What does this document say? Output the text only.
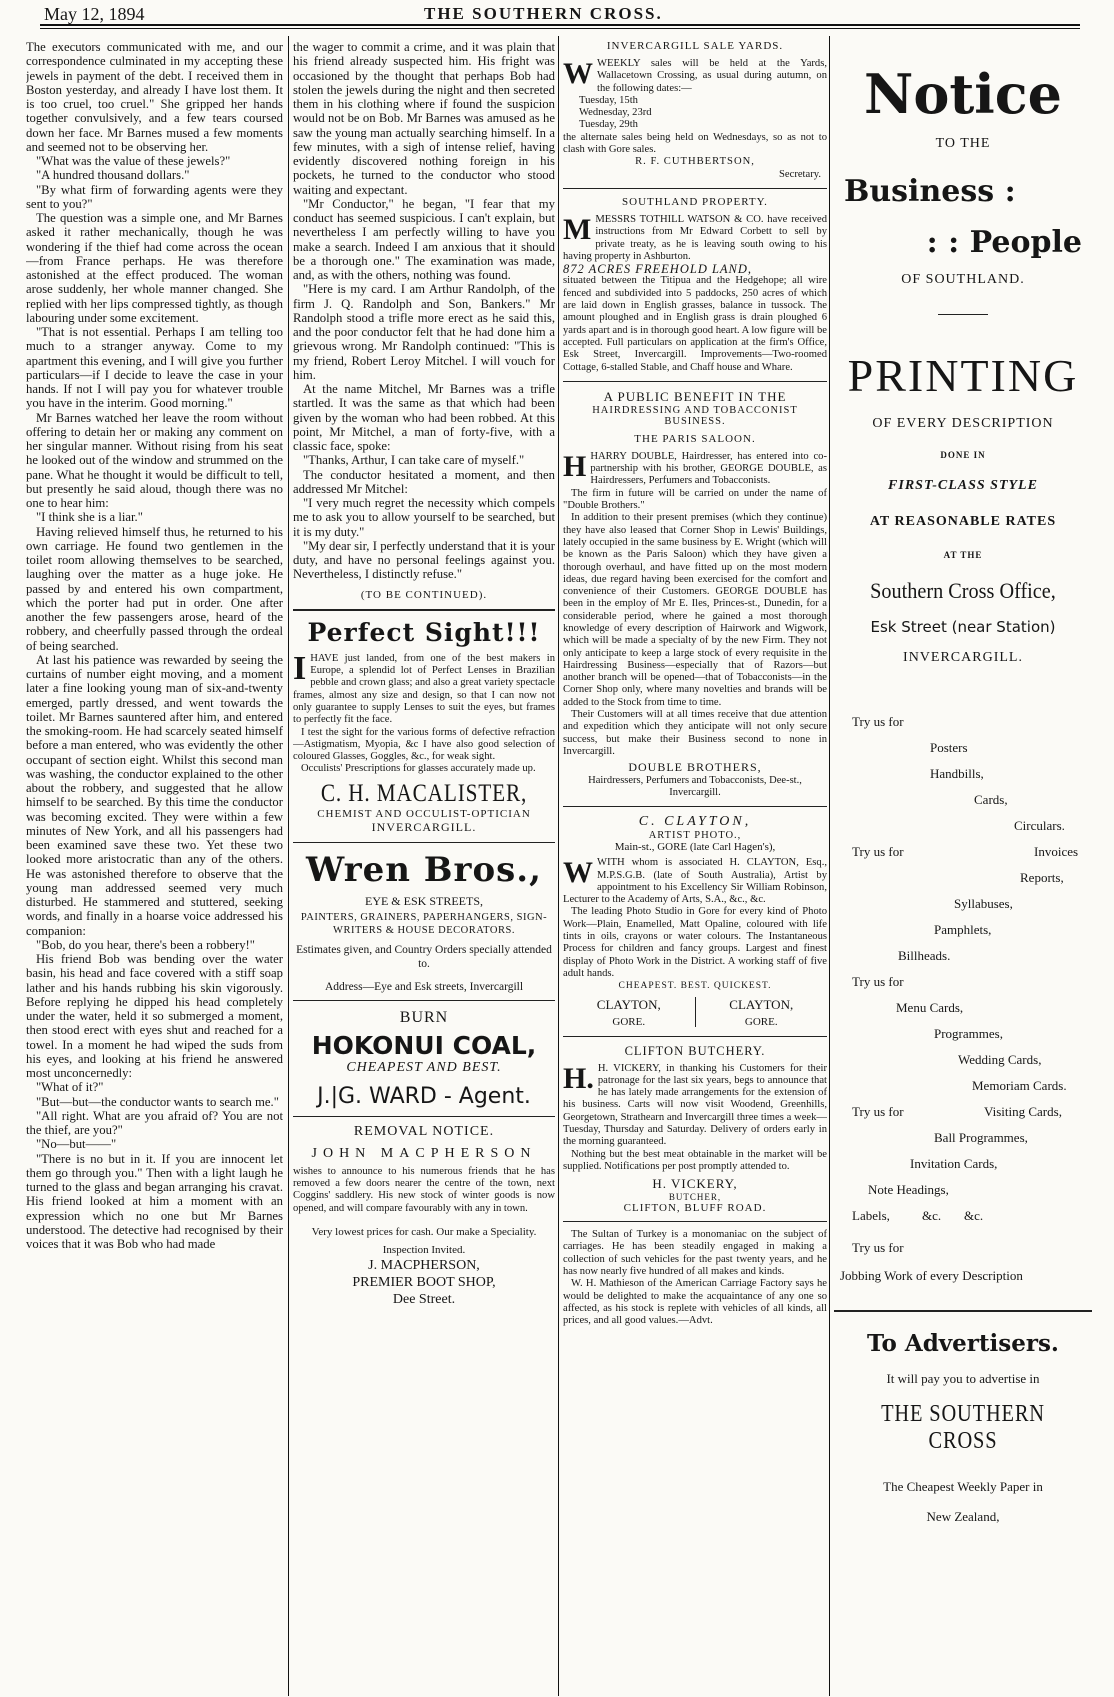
May 12, 1894	THE SOUTHERN CROSS.

The executors communicated with me, and our correspondence culminated in my accepting these jewels in payment of the debt. I received them in Boston yesterday, and already I have lost them. It is too cruel, too cruel." She gripped her hands together convulsively, and a few tears coursed down her face. Mr Barnes mused a few moments and seemed not to be observing her.

"What was the value of these jewels?"

"A hundred thousand dollars."

"By what firm of forwarding agents were they sent to you?"

The question was a simple one, and Mr Barnes asked it rather mechanically, though he was wondering if the thief had come across the ocean—from France perhaps. He was therefore astonished at the effect produced. The woman arose suddenly, her whole manner changed. She replied with her lips compressed tightly, as though labouring under some excitement.

"That is not essential. Perhaps I am telling too much to a stranger anyway. Come to my apartment this evening, and I will give you further particulars—if I decide to leave the case in your hands. If not I will pay you for whatever trouble you have in the interim. Good morning."

Mr Barnes watched her leave the room without offering to detain her or making any comment on her singular manner. Without rising from his seat he looked out of the window and strummed on the pane. What he thought it would be difficult to tell, but presently he said aloud, though there was no one to hear him:

"I think she is a liar."

Having relieved himself thus, he returned to his own carriage. He found two gentlemen in the toilet room allowing themselves to be searched, laughing over the matter as a huge joke. He passed by and entered his own compartment, which the porter had put in order. One after another the few passengers arose, heard of the robbery, and cheerfully passed through the ordeal of being searched.

At last his patience was rewarded by seeing the curtains of number eight moving, and a moment later a fine looking young man of six-and-twenty emerged, partly dressed, and went towards the toilet. Mr Barnes sauntered after him, and entered the smoking-room. He had scarcely seated himself before a man entered, who was evidently the other occupant of section eight. Whilst this second man was washing, the conductor explained to the other about the robbery, and suggested that he allow himself to be searched. By this time the conductor was becoming excited. They were within a few minutes of New York, and all his passengers had been examined save these two. Yet these two looked more aristocratic than any of the others. He was astonished therefore to observe that the young man addressed seemed very much disturbed. He stammered and stuttered, seeking words, and finally in a hoarse voice addressed his companion:

"Bob, do you hear, there's been a robbery!"

His friend Bob was bending over the water basin, his head and face covered with a stiff soap lather and his hands rubbing his skin vigorously. Before replying he dipped his head completely under the water, held it so submerged a moment, then stood erect with eyes shut and reached for a towel. In a moment he had wiped the suds from his eyes, and looking at his friend he answered most unconcernedly:

"What of it?"

"But—but—the conductor wants to search me."

"All right. What are you afraid of? You are not the thief, are you?"

"No—but——"

"There is no but in it. If you are innocent let them go through you." Then with a light laugh he turned to the glass and began arranging his cravat. His friend looked at him a moment with an expression which no one but Mr Barnes understood. The detective had recognised by their voices that it was Bob who had made

the wager to commit a crime, and it was plain that his friend already suspected him. His fright was occasioned by the thought that perhaps Bob had stolen the jewels during the night and then secreted them in his clothing where if found the suspicion would not be on Bob. Mr Barnes was amused as he saw the young man actually searching himself. In a few minutes, with a sigh of intense relief, having evidently discovered nothing foreign in his pockets, he turned to the conductor who stood waiting and expectant.

"Mr Conductor," he began, "I fear that my conduct has seemed suspicious. I can't explain, but nevertheless I am perfectly willing to have you make a search. Indeed I am anxious that it should be a thorough one." The examination was made, and, as with the others, nothing was found.

"Here is my card. I am Arthur Randolph, of the firm J. Q. Randolph and Son, Bankers." Mr Randolph stood a trifle more erect as he said this, and the poor conductor felt that he had done him a grievous wrong. Mr Randolph continued: "This is my friend, Robert Leroy Mitchel. I will vouch for him.

At the name Mitchel, Mr Barnes was a trifle startled. It was the same as that which had been given by the woman who had been robbed. At this point, Mr Mitchel, a man of forty-five, with a classic face, spoke:

"Thanks, Arthur, I can take care of myself."

The conductor hesitated a moment, and then addressed Mr Mitchel:

"I very much regret the necessity which compels me to ask you to allow yourself to be searched, but it is my duty."

"My dear sir, I perfectly understand that it is your duty, and have no personal feelings against you. Nevertheless, I distinctly refuse."

(TO BE CONTINUED).
Perfect Sight!!!

IHAVE just landed, from one of the best makers in Europe, a splendid lot of Perfect Lenses in Brazilian pebble and crown glass; and also a great variety spectacle frames, almost any size and design, so that I can now not only guarantee to supply Lenses to suit the eyes, but frames to perfectly fit the face.

I test the sight for the various forms of defective refraction—Astigmatism, Myopia, &c I have also good selection of coloured Glasses, Goggles, &c., for weak sight.

Occulists' Prescriptions for glasses accurately made up.

C. H. MACALISTER,
CHEMIST AND OCCULIST-OPTICIAN
INVERCARGILL.
Wren Bros.,
EYE & ESK STREETS,
PAINTERS, GRAINERS, PAPERHANGERS, SIGN-WRITERS & HOUSE DECORATORS.
Estimates given, and Country Orders specially attended to.
Address—Eye and Esk streets, Invercargill
BURN
HOKONUI COAL,
CHEAPEST AND BEST.
J.|G. WARD - Agent.
REMOVAL NOTICE.
JOHN MACPHERSON

wishes to announce to his numerous friends that he has removed a few doors nearer the centre of the town, next Coggins' saddlery. His new stock of winter goods is now opened, and will compare favourably with any in town.

Very lowest prices for cash. Our make a Speciality.
Inspection Invited.
J. MACPHERSON,
PREMIER BOOT SHOP,
Dee Street.
INVERCARGILL SALE YARDS.

WWEEKLY sales will be held at the Yards, Wallacetown Crossing, as usual during autumn, on the following dates:—

Tuesday, 15th
Wednesday, 23rd
Tuesday, 29th

the alternate sales being held on Wednesdays, so as not to clash with Gore sales.

R. F. CUTHBERTSON,
Secretary.
SOUTHLAND PROPERTY.

MMESSRS TOTHILL WATSON & CO. have received instructions from Mr Edward Corbett to sell by private treaty, as he is leaving south owing to his having property in Ashburton.

872 ACRES FREEHOLD LAND,

situated between the Titipua and the Hedgehope; all wire fenced and subdivided into 5 paddocks, 250 acres of which are laid down in English grasses, balance in tussock. The amount ploughed and in English grass is drain ploughed 6 yards apart and is in thorough good heart. A low figure will be accepted. Full particulars on application at the firm's Office, Esk Street, Invercargill. Improvements—Two-roomed Cottage, 6-stalled Stable, and Chaff house and Whare.

A PUBLIC BENEFIT IN THE
HAIRDRESSING AND TOBACCONIST BUSINESS.
THE PARIS SALOON.

HHARRY DOUBLE, Hairdresser, has entered into co-partnership with his brother, GEORGE DOUBLE, as Hairdressers, Perfumers and Tobacconists.

The firm in future will be carried on under the name of "Double Brothers."

In addition to their present premises (which they continue) they have also leased that Corner Shop in Lewis' Buildings, lately occupied in the same business by E. Wright (which will be known as the Paris Saloon) which they have given a thorough overhaul, and have fitted up on the most modern ideas, due regard having been exercised for the comfort and convenience of their Customers. GEORGE DOUBLE has been in the employ of Mr E. Iles, Princes-st., Dunedin, for a considerable period, where he gained a most thorough knowledge of every description of Hairwork and Wigwork, which will be made a specialty of by the new Firm. They not only anticipate to keep a large stock of every requisite in the Hairdressing Business—especially that of Razors—but another branch will be opened—that of Tobacconists—in the Corner Shop only, where many novelties and brands will be added to the Stock from time to time.

Their Customers will at all times receive that due attention and expedition which they anticipate will not only secure success, but make their Business second to none in Invercargill.

DOUBLE BROTHERS,
Hairdressers, Perfumers and Tobacconists, Dee-st., Invercargill.
C. CLAYTON,
ARTIST PHOTO.,
Main-st., GORE (late Carl Hagen's),

WWITH whom is associated H. CLAYTON, Esq., M.P.S.G.B. (late of South Australia), Artist by appointment to his Excellency Sir William Robinson, Lecturer to the Academy of Arts, S.A., &c., &c.

The leading Photo Studio in Gore for every kind of Photo Work—Plain, Enamelled, Matt Opaline, coloured with life tints in oils, crayons or water colours. The Instantaneous Process for children and fancy groups. Largest and finest display of Photo Work in the District. A working staff of five adult hands.

CHEAPEST. BEST. QUICKEST.
CLAYTON,
GORE.
CLAYTON,
GORE.
CLIFTON BUTCHERY.

H. H. VICKERY, in thanking his Customers for their patronage for the last six years, begs to announce that he has lately made arrangements for the extension of his business. Carts will now visit Woodend, Greenhills, Georgetown, Strathearn and Invercargill three times a week—Tuesday, Thursday and Saturday. Delivery of orders early in the morning guaranteed.

Nothing but the best meat obtainable in the market will be supplied. Notifications per post promptly attended to.

H. VICKERY,
BUTCHER,
CLIFTON, BLUFF ROAD.

The Sultan of Turkey is a monomaniac on the subject of carriages. He has been steadily engaged in making a collection of such vehicles for the past twenty years, and he has now nearly five hundred of all makes and kinds.

W. H. Mathieson of the American Carriage Factory says he would be delighted to make the acquaintance of any one so affected, as his stock is replete with vehicles of all kinds, all prices, and all good values.—Advt.

Notice
TO THE
Business :
: : People
OF SOUTHLAND.
PRINTING
OF EVERY DESCRIPTION
DONE IN
FIRST-CLASS STYLE
AT REASONABLE RATES
AT THE
Southern Cross Office,
Esk Street (near Station)
INVERCARGILL.
Try us for
Posters
Handbills,
Cards,
Circulars.
Try us for	Invoices
Reports,
Syllabuses,
Pamphlets,
Billheads.
Try us for
Menu Cards,
Programmes,
Wedding Cards,
Memoriam Cards.
Try us for	Visiting Cards,
Ball Programmes,
Invitation Cards,
Note Headings,
Labels, &c. &c.
Try us for
Jobbing Work of every Description
To Advertisers.
It will pay you to advertise in
THE SOUTHERN CROSS
The Cheapest Weekly Paper in
New Zealand,
